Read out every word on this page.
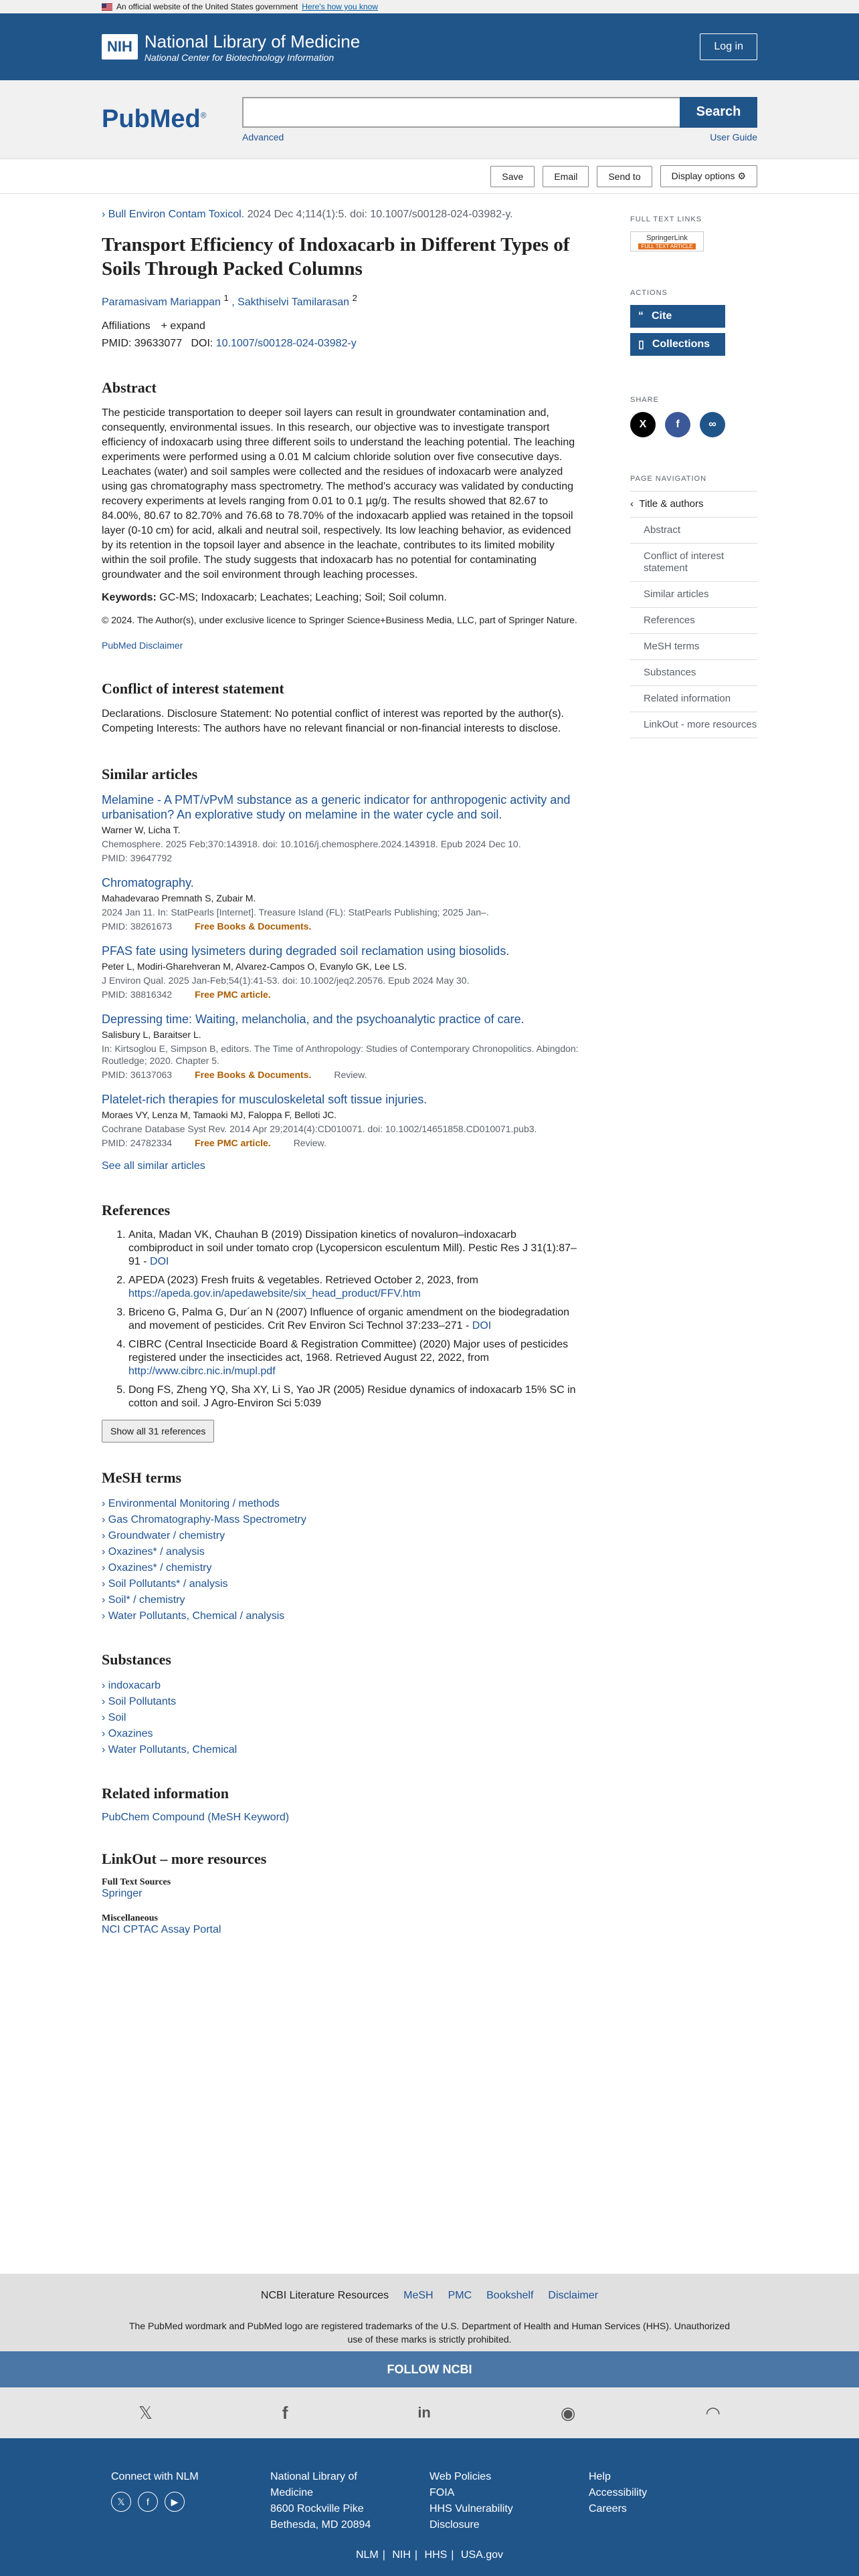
An official website of the United States government Here's how you know
NIH National Library of Medicine
National Center for Biotechnology Information
Log in
PubMed®	Search
Advanced	User Guide
Save	Email	Send to	Display options ⚙
› Bull Environ Contam Toxicol. 2024 Dec 4;114(1):5. doi: 10.1007/s00128-024-03982-y.
Transport Efficiency of Indoxacarb in Different Types of Soils Through Packed Columns
Paramasivam Mariappan $^1$ , Sakthiselvi Tamilarasan $^2$
Affiliations + expand
PMID: 39633077 DOI: 10.1007/s00128-024-03982-y
Abstract

The pesticide transportation to deeper soil layers can result in groundwater contamination and, consequently, environmental issues. In this research, our objective was to investigate transport efficiency of indoxacarb using three different soils to understand the leaching potential. The leaching experiments were performed using a 0.01 M calcium chloride solution over five consecutive days. Leachates (water) and soil samples were collected and the residues of indoxacarb were analyzed using gas chromatography mass spectrometry. The method's accuracy was validated by conducting recovery experiments at levels ranging from 0.01 to 0.1 µg/g. The results showed that 82.67 to 84.00%, 80.67 to 82.70% and 76.68 to 78.70% of the indoxacarb applied was retained in the topsoil layer (0-10 cm) for acid, alkali and neutral soil, respectively. Its low leaching behavior, as evidenced by its retention in the topsoil layer and absence in the leachate, contributes to its limited mobility within the soil profile. The study suggests that indoxacarb has no potential for contaminating groundwater and the soil environment through leaching processes.

Keywords: GC-MS; Indoxacarb; Leachates; Leaching; Soil; Soil column.
© 2024. The Author(s), under exclusive licence to Springer Science+Business Media, LLC, part of Springer Nature.
PubMed Disclaimer
Conflict of interest statement

Declarations. Disclosure Statement: No potential conflict of interest was reported by the author(s). Competing Interests: The authors have no relevant financial or non-financial interests to disclose.

Similar articles
Melamine - A PMT/vPvM substance as a generic indicator for anthropogenic activity and urbanisation? An explorative study on melamine in the water cycle and soil.
Warner W, Licha T.
Chemosphere. 2025 Feb;370:143918. doi: 10.1016/j.chemosphere.2024.143918. Epub 2024 Dec 10.
PMID: 39647792
Chromatography.
Mahadevarao Premnath S, Zubair M.
2024 Jan 11. In: StatPearls [Internet]. Treasure Island (FL): StatPearls Publishing; 2025 Jan–.
PMID: 38261673 Free Books & Documents.
PFAS fate using lysimeters during degraded soil reclamation using biosolids.
Peter L, Modiri-Gharehveran M, Alvarez-Campos O, Evanylo GK, Lee LS.
J Environ Qual. 2025 Jan-Feb;54(1):41-53. doi: 10.1002/jeq2.20576. Epub 2024 May 30.
PMID: 38816342 Free PMC article.
Depressing time: Waiting, melancholia, and the psychoanalytic practice of care.
Salisbury L, Baraitser L.
In: Kirtsoglou E, Simpson B, editors. The Time of Anthropology: Studies of Contemporary Chronopolitics. Abingdon: Routledge; 2020. Chapter 5.
PMID: 36137063 Free Books & Documents. Review.
Platelet-rich therapies for musculoskeletal soft tissue injuries.
Moraes VY, Lenza M, Tamaoki MJ, Faloppa F, Belloti JC.
Cochrane Database Syst Rev. 2014 Apr 29;2014(4):CD010071. doi: 10.1002/14651858.CD010071.pub3.
PMID: 24782334 Free PMC article. Review.
See all similar articles
References
1. Anita, Madan VK, Chauhan B (2019) Dissipation kinetics of novaluron–indoxacarb combiproduct in soil under tomato crop (Lycopersicon esculentum Mill). Pestic Res J 31(1):87–91 - DOI
2. APEDA (2023) Fresh fruits & vegetables. Retrieved October 2, 2023, from https://apeda.gov.in/apedawebsite/six_head_product/FFV.htm
3. Briceno G, Palma G, Dur´an N (2007) Influence of organic amendment on the biodegradation and movement of pesticides. Crit Rev Environ Sci Technol 37:233–271 - DOI
4. CIBRC (Central Insecticide Board & Registration Committee) (2020) Major uses of pesticides registered under the insecticides act, 1968. Retrieved August 22, 2022, from http://www.cibrc.nic.in/mupl.pdf
5. Dong FS, Zheng YQ, Sha XY, Li S, Yao JR (2005) Residue dynamics of indoxacarb 15% SC in cotton and soil. J Agro-Environ Sci 5:039
Show all 31 references
MeSH terms
› Environmental Monitoring / methods
› Gas Chromatography-Mass Spectrometry
› Groundwater / chemistry
› Oxazines* / analysis
› Oxazines* / chemistry
› Soil Pollutants* / analysis
› Soil* / chemistry
› Water Pollutants, Chemical / analysis
Substances
› indoxacarb
› Soil Pollutants
› Soil
› Oxazines
› Water Pollutants, Chemical
Related information
PubChem Compound (MeSH Keyword)
LinkOut – more resources
Full Text Sources
Springer
Miscellaneous
NCI CPTAC Assay Portal
FULL TEXT LINKS
SpringerLink
FULL TEXT ARTICLE
ACTIONS
“ Cite
▯ Collections
SHARE
X	f	∞
PAGE NAVIGATION
‹  Title & authors
Abstract
Conflict of interest statement
Similar articles
References
MeSH terms
Substances
Related information
LinkOut - more resources
NCBI Literature Resources MeSH PMC Bookshelf Disclaimer
The PubMed wordmark and PubMed logo are registered trademarks of the U.S. Department of Health and Human Services (HHS). Unauthorized use of these marks is strictly prohibited.
FOLLOW NCBI
𝕏	f	in	◉	◠
Connect with NLM
𝕏	f	▶
National Library of
Medicine
8600 Rockville Pike
Bethesda, MD 20894
Web Policies
FOIA
HHS Vulnerability
Disclosure
Help
Accessibility
Careers
NLM | NIH | HHS | USA.gov
